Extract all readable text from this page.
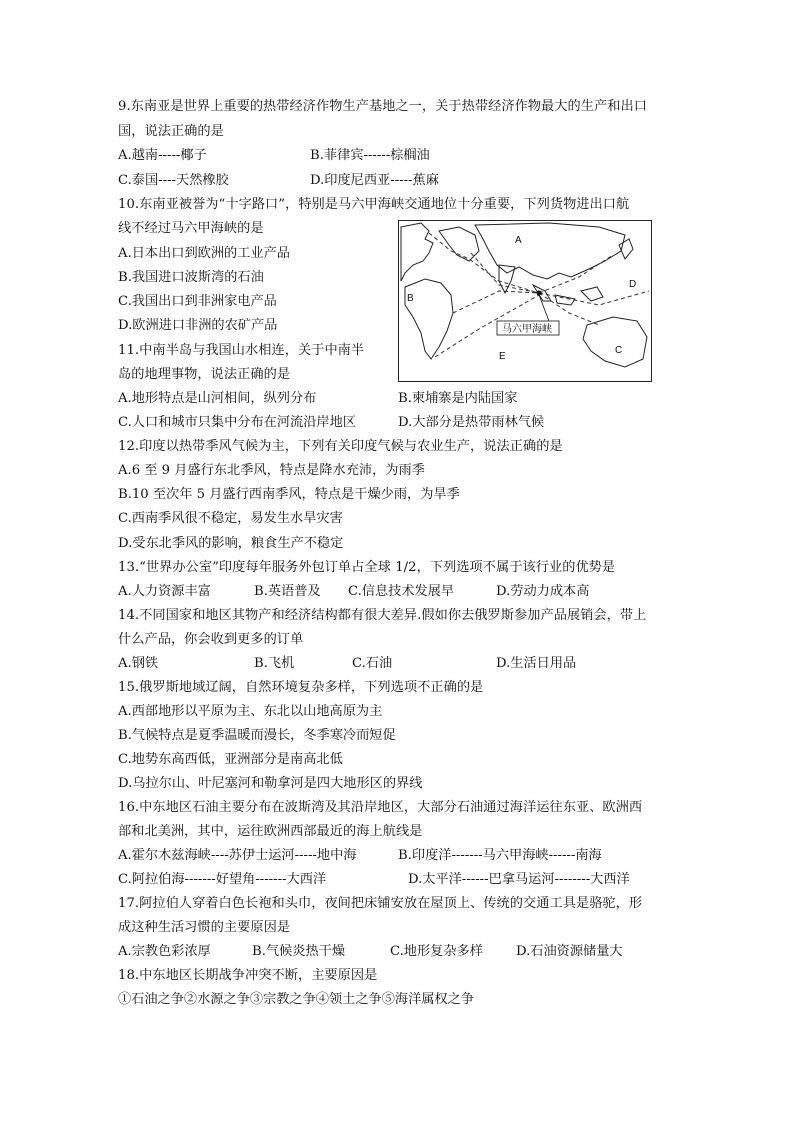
9.东南亚是世界上重要的热带经济作物生产基地之一，关于热带经济作物最大的生产和出口
国，说法正确的是
A.越南-----椰子	B.菲律宾------棕榈油
C.泰国----天然橡胶	D.印度尼西亚-----蕉麻
10.东南亚被誉为“十字路口”，特别是马六甲海峡交通地位十分重要，下列货物进出口航
线不经过马六甲海峡的是
A.日本出口到欧洲的工业产品
B.我国进口波斯湾的石油
C.我国出口到非洲家电产品
D.欧洲进口非洲的农矿产品	马六甲海峡
A
B
C
D
E
11.中南半岛与我国山水相连，关于中南半
岛的地理事物，说法正确的是
A.地形特点是山河相间，纵列分布	B.柬埔寨是内陆国家
C.人口和城市只集中分布在河流沿岸地区	D.大部分是热带雨林气候
12.印度以热带季风气候为主，下列有关印度气候与农业生产，说法正确的是
A.6 至 9 月盛行东北季风，特点是降水充沛，为雨季
B.10 至次年 5 月盛行西南季风，特点是干燥少雨，为旱季
C.西南季风很不稳定，易发生水旱灾害
D.受东北季风的影响，粮食生产不稳定
13.“世界办公室”印度每年服务外包订单占全球 1/2，下列选项不属于该行业的优势是
A.人力资源丰富	B.英语普及 C.信息技术发展早	D.劳动力成本高
14.不同国家和地区其物产和经济结构都有很大差异.假如你去俄罗斯参加产品展销会，带上
什么产品，你会收到更多的订单
A.钢铁	B.飞机	C.石油	D.生活日用品
15.俄罗斯地域辽阔，自然环境复杂多样，下列选项不正确的是
A.西部地形以平原为主、东北以山地高原为主
B.气候特点是夏季温暖而漫长，冬季寒冷而短促
C.地势东高西低，亚洲部分是南高北低
D.乌拉尔山、叶尼塞河和勒拿河是四大地形区的界线
16.中东地区石油主要分布在波斯湾及其沿岸地区，大部分石油通过海洋运往东亚、欧洲西
部和北美洲，其中，运往欧洲西部最近的海上航线是
A.霍尔木兹海峡----苏伊士运河-----地中海	B.印度洋-------马六甲海峡------南海
C.阿拉伯海-------好望角-------大西洋	D.太平洋------巴拿马运河--------大西洋
17.阿拉伯人穿着白色长袍和头巾，夜间把床铺安放在屋顶上、传统的交通工具是骆驼，形
成这种生活习惯的主要原因是
A.宗教色彩浓厚	B.气候炎热干燥	C.地形复杂多样	D.石油资源储量大
18.中东地区长期战争冲突不断，主要原因是
①石油之争②水源之争③宗教之争④领土之争⑤海洋属权之争
